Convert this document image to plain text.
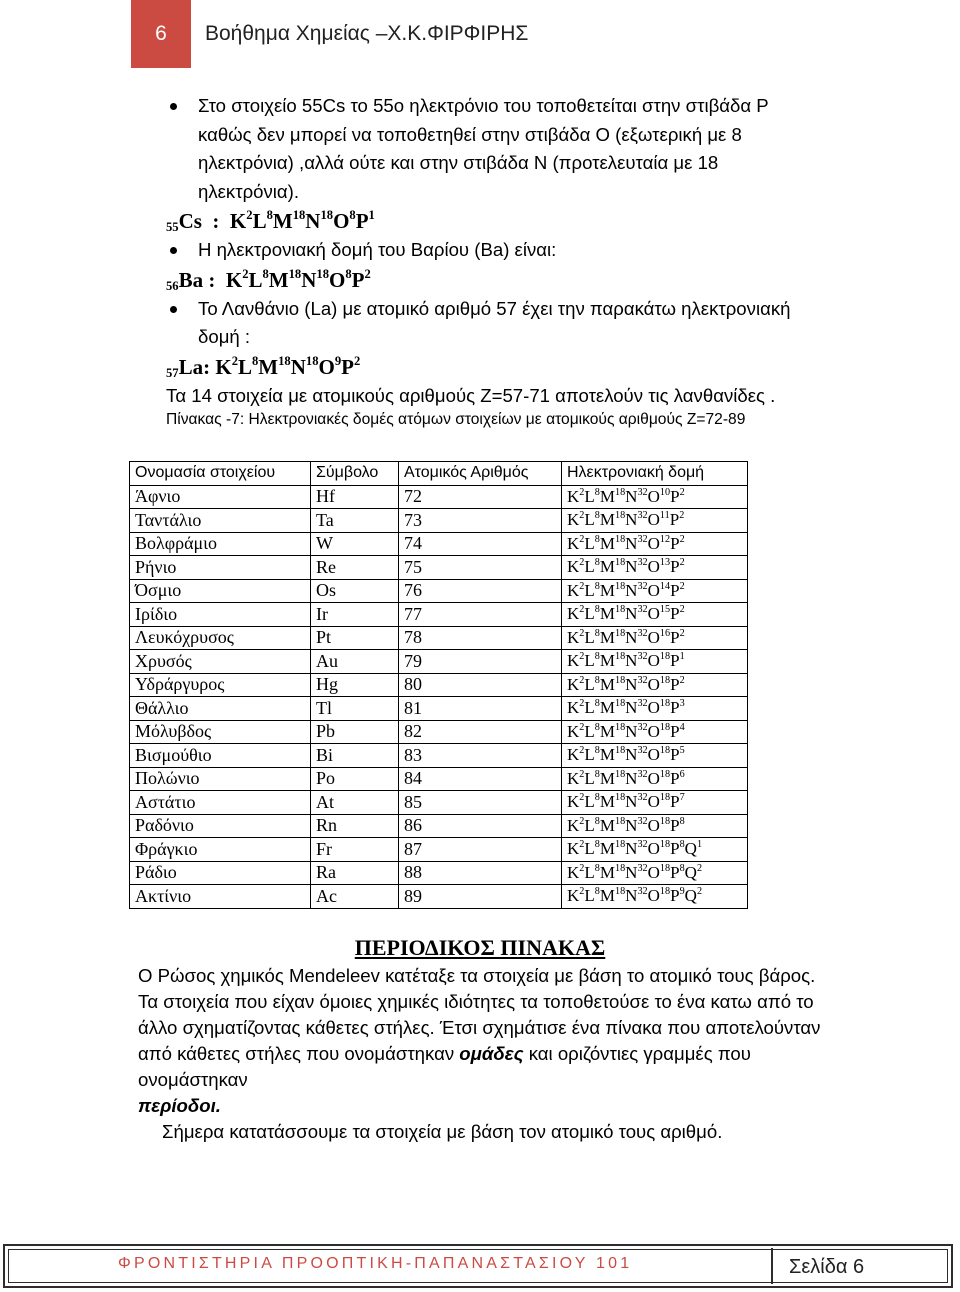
6	Βοήθημα Χημείας –Χ.Κ.ΦΙΡΦΙΡΗΣ
Στο στοιχείο 55Cs το 55ο ηλεκτρόνιο του τοποθετείται στην στιβάδα P καθώς δεν μπορεί να τοποθετηθεί στην στιβάδα O (εξωτερική με 8 ηλεκτρόνια) ,αλλά ούτε και στην στιβάδα N (προτελευταία με 18 ηλεκτρόνια).
$_{55}$Cs  :  $K^2L^8M^{18}N^{18}O^8P^1$
Η ηλεκτρονιακή δομή του Βαρίου (Ba) είναι:
$_{56}$Ba :  $K^2L^8M^{18}N^{18}O^8P^2$
Το Λανθάνιο (La) με ατομικό αριθμό 57 έχει την παρακάτω ηλεκτρονιακή δομή :
$_{57}$La: $K^2L^8M^{18}N^{18}O^9P^2$
Τα 14 στοιχεία με ατομικούς αριθμούς Z=57-71 αποτελούν τις λανθανίδες .
Πίνακας -7: Ηλεκτρονιακές δομές ατόμων στοιχείων με ατομικούς αριθμούς Z=72-89
Ονομασία στοιχείου	Σύμβολο	Ατομικός Αριθμός	Ηλεκτρονιακή δομή
Άφνιο	Hf	72	$K^2L^8M^{18}N^{32}O^{10}P^2$
Ταντάλιο	Ta	73	$K^2L^8M^{18}N^{32}O^{11}P^2$
Βολφράμιο	W	74	$K^2L^8M^{18}N^{32}O^{12}P^2$
Ρήνιο	Re	75	$K^2L^8M^{18}N^{32}O^{13}P^2$
Όσμιο	Os	76	$K^2L^8M^{18}N^{32}O^{14}P^2$
Ιρίδιο	Ir	77	$K^2L^8M^{18}N^{32}O^{15}P^2$
Λευκόχρυσος	Pt	78	$K^2L^8M^{18}N^{32}O^{16}P^2$
Χρυσός	Au	79	$K^2L^8M^{18}N^{32}O^{18}P^1$
Υδράργυρος	Hg	80	$K^2L^8M^{18}N^{32}O^{18}P^2$
Θάλλιο	Tl	81	$K^2L^8M^{18}N^{32}O^{18}P^3$
Μόλυβδος	Pb	82	$K^2L^8M^{18}N^{32}O^{18}P^4$
Βισμούθιο	Bi	83	$K^2L^8M^{18}N^{32}O^{18}P^5$
Πολώνιο	Po	84	$K^2L^8M^{18}N^{32}O^{18}P^6$
Αστάτιο	At	85	$K^2L^8M^{18}N^{32}O^{18}P^7$
Ραδόνιο	Rn	86	$K^2L^8M^{18}N^{32}O^{18}P^8$
Φράγκιο	Fr	87	$K^2L^8M^{18}N^{32}O^{18}P^8Q^1$
Ράδιο	Ra	88	$K^2L^8M^{18}N^{32}O^{18}P^8Q^2$
Ακτίνιο	Ac	89	$K^2L^8M^{18}N^{32}O^{18}P^9Q^2$
ΠΕΡΙΟΔΙΚΟΣ ΠΙΝΑΚΑΣ
Ο Ρώσος χημικός Mendeleev κατέταξε τα στοιχεία με βάση το ατομικό τους βάρος. Τα στοιχεία που είχαν όμοιες χημικές ιδιότητες τα τοποθετούσε το ένα κατω από το άλλο σχηματίζοντας κάθετες στήλες. Έτσι σχημάτισε ένα πίνακα που αποτελούνταν από κάθετες στήλες που ονομάστηκαν ομάδες και οριζόντιες γραμμές που ονομάστηκαν
περίοδοι.
Σήμερα κατατάσσουμε τα στοιχεία με βάση τον ατομικό τους αριθμό.
ΦΡΟΝΤΙΣΤΗΡΙΑ ΠΡΟΟΠΤΙΚΗ-ΠΑΠΑΝΑΣΤΑΣΙΟΥ 101	Σελίδα 6
